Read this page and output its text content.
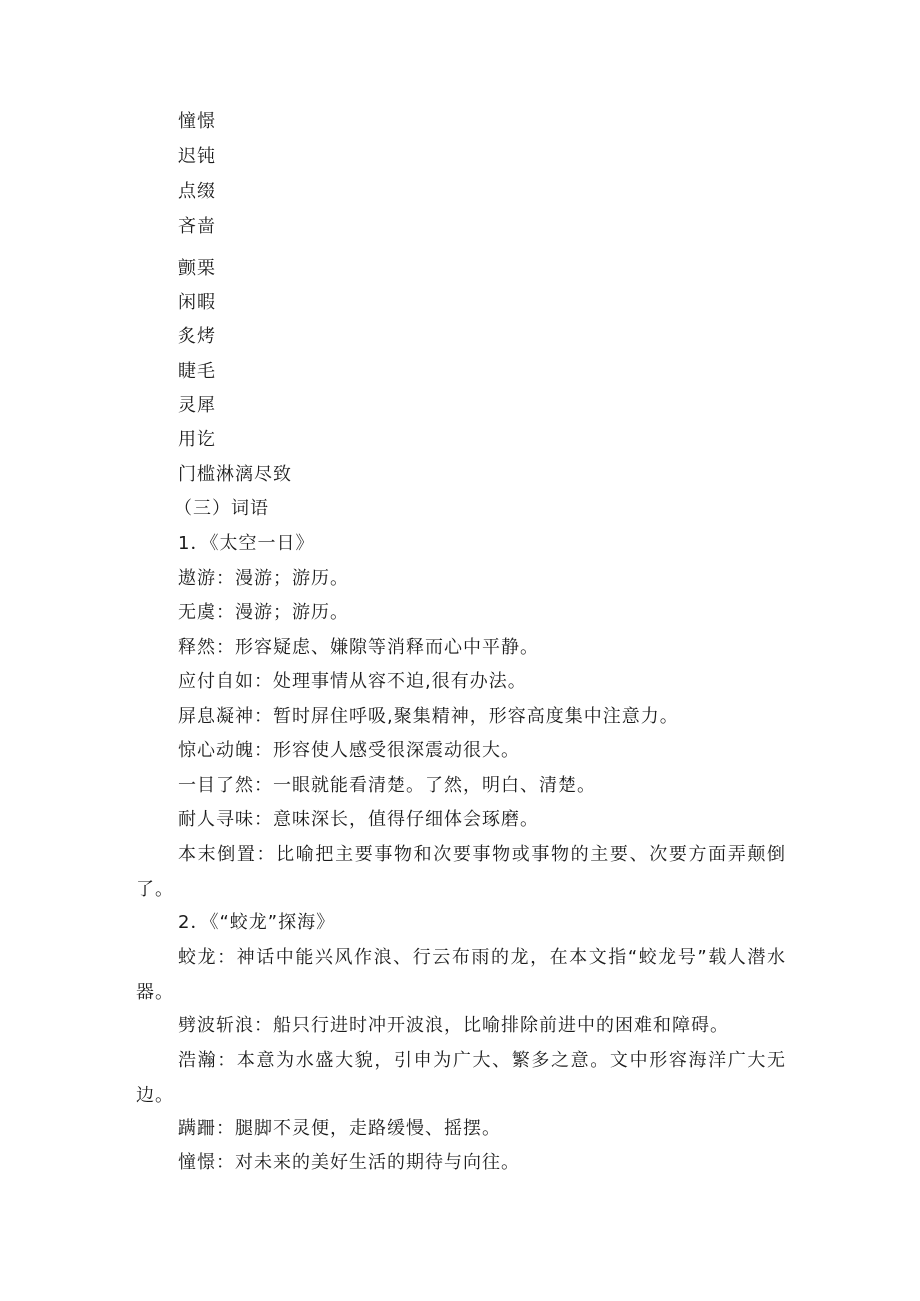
憧憬
迟钝
点缀
吝啬
颤栗
闲暇
炙烤
睫毛
灵犀
用讫
门槛淋漓尽致
（三）词语
1．《太空一日》
遨游：漫游；游历。
无虞：漫游；游历。
释然：形容疑虑、嫌隙等消释而心中平静。
应付自如：处理事情从容不迫,很有办法。
屏息凝神：暂时屏住呼吸,聚集精神，形容高度集中注意力。
惊心动魄：形容使人感受很深震动很大。
一目了然：一眼就能看清楚。了然，明白、清楚。
耐人寻味：意味深长，值得仔细体会琢磨。
本末倒置：比喻把主要事物和次要事物或事物的主要、次要方面弄颠倒了。
2．《“蛟龙”探海》
蛟龙：神话中能兴风作浪、行云布雨的龙，在本文指“蛟龙号”载人潜水器。
劈波斩浪：船只行进时冲开波浪，比喻排除前进中的困难和障碍。
浩瀚：本意为水盛大貌，引申为广大、繁多之意。文中形容海洋广大无边。
蹒跚：腿脚不灵便，走路缓慢、摇摆。
憧憬：对未来的美好生活的期待与向往。
